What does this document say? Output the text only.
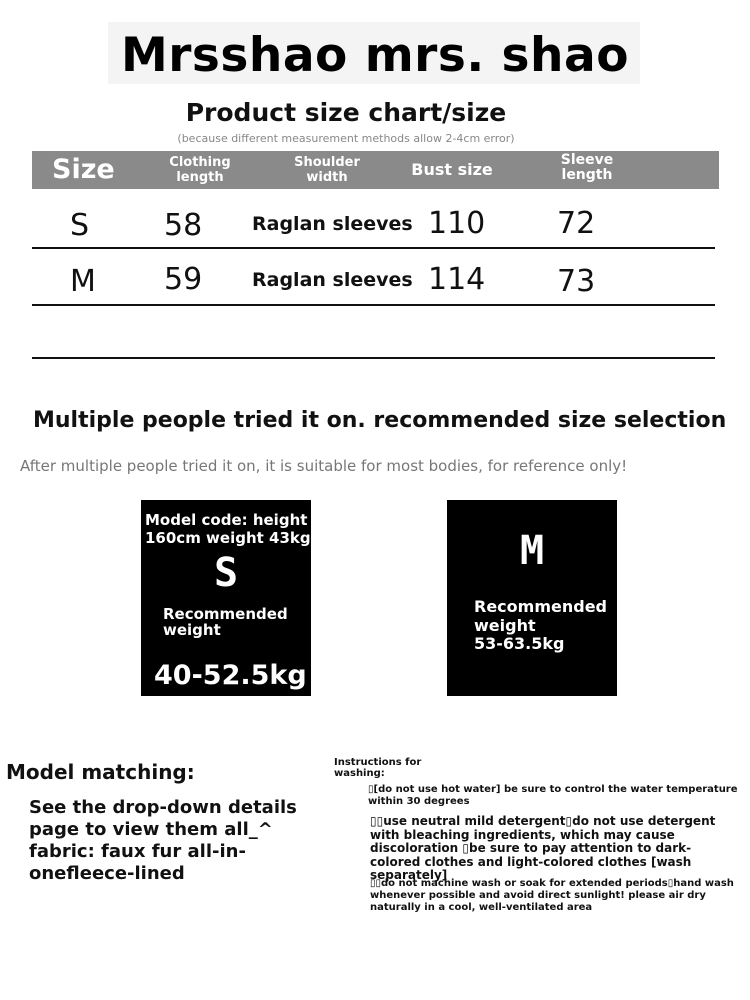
Mrsshao mrs. shao
Product size chart/size
(because different measurement methods allow 2-4cm error)
Size	Clothing
length
Shoulder
width	Bust size	Sleeve
length
S 58	Raglan sleeves 110 72
M 59	Raglan sleeves 114 73
Multiple people tried it on. recommended size selection
After multiple people tried it on, it is suitable for most bodies, for reference only!
Model code: height 160cm weight 43kg
S
Recommended weight
40-52.5kg
M
Recommended weight
53-63.5kg
Model matching:
See the drop-down details page to view them all_^ fabric: faux fur all-in-onefleece-lined
Instructions for washing:
▯[do not use hot water] be sure to control the water temperature within 30 degrees
▯▯use neutral mild detergent▯do not use detergent with bleaching ingredients, which may cause discoloration ▯be sure to pay attention to dark-colored clothes and light-colored clothes [wash separately]
▯▯do not machine wash or soak for extended periods▯hand wash whenever possible and avoid direct sunlight! please air dry naturally in a cool, well-ventilated area
